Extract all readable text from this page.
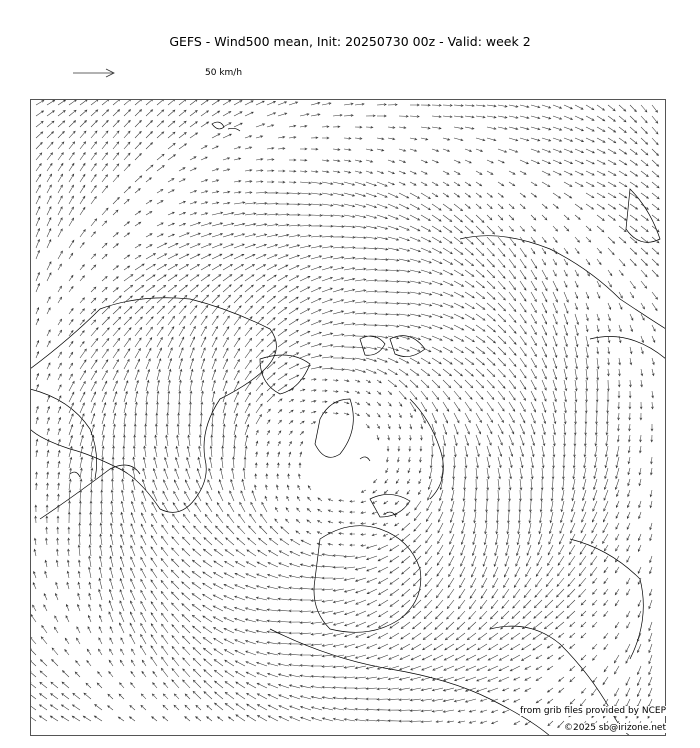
GEFS - Wind500 mean, Init: 20250730 00z - Valid: week 2
50 km/h
from grib files provided by NCEP
©2025 sb@irizone.net
